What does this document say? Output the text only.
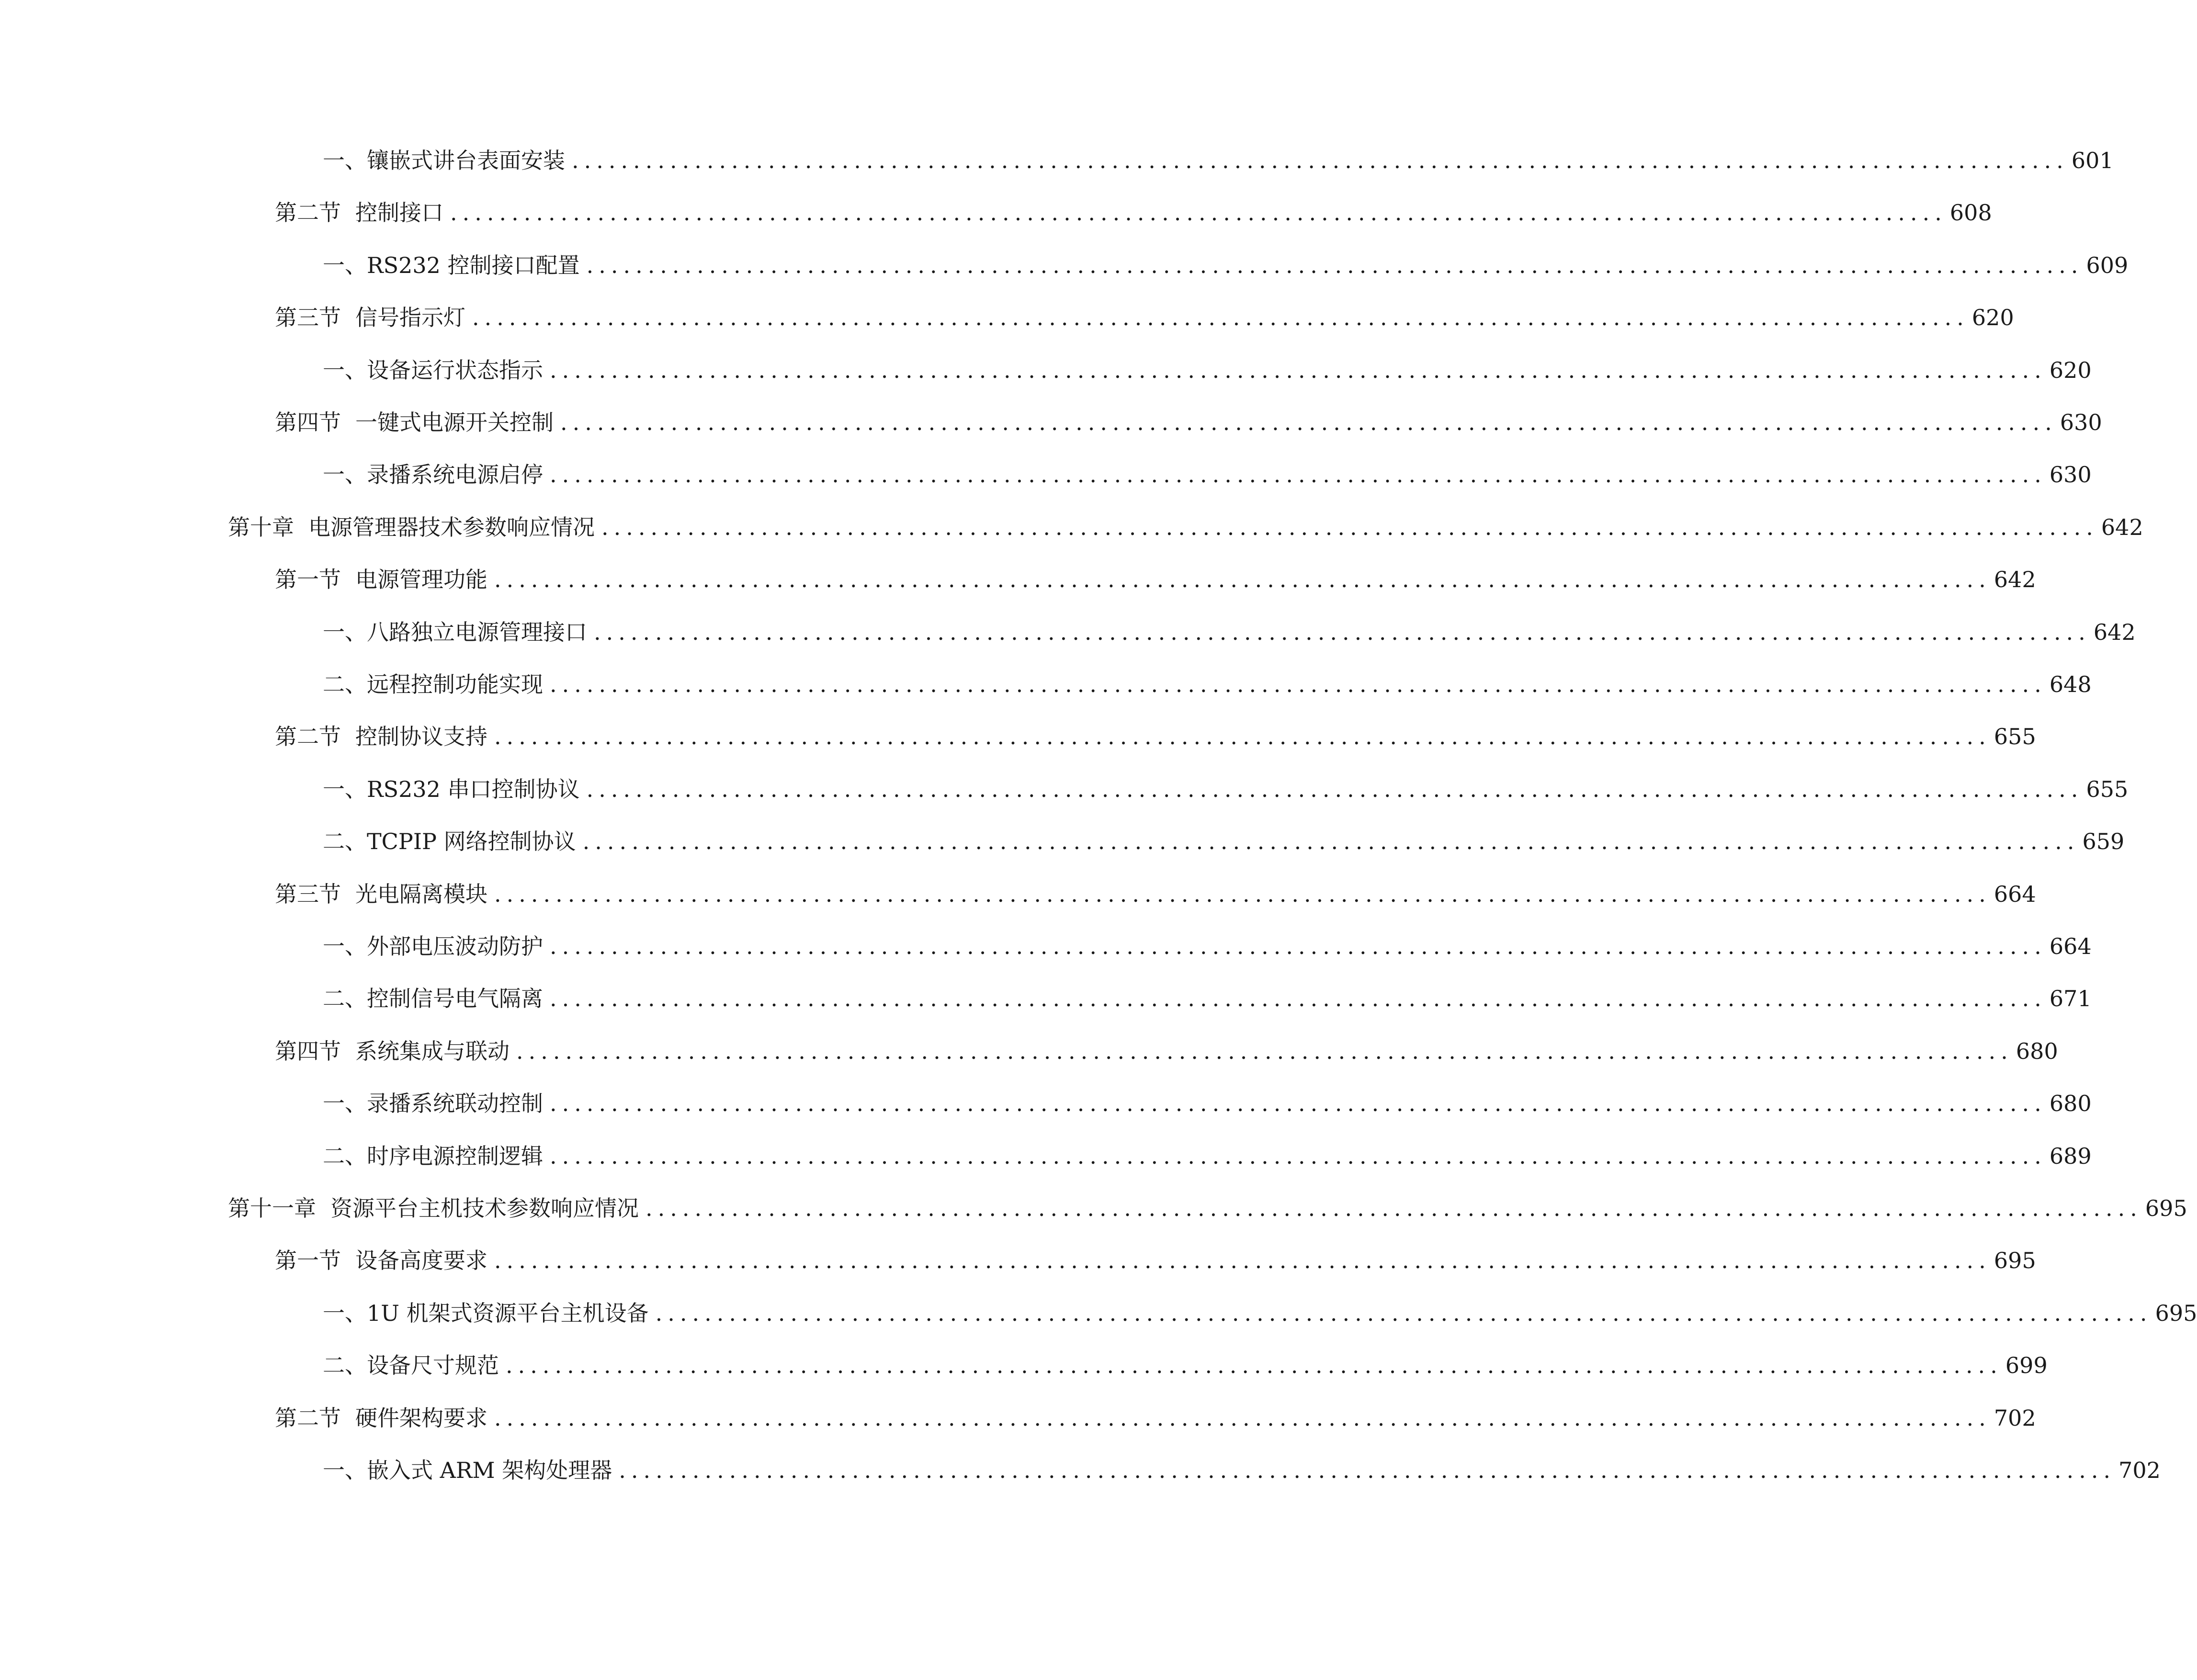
一、 镶嵌式讲台表面安装 .......................................................................................................................... 601
第二节 控制接口 .......................................................................................................................... 608
一、 RS232 控制接口配置 .......................................................................................................................... 609
第三节 信号指示灯 .......................................................................................................................... 620
一、 设备运行状态指示 .......................................................................................................................... 620
第四节 一键式电源开关控制 .......................................................................................................................... 630
一、 录播系统电源启停 .......................................................................................................................... 630
第十章 电源管理器技术参数响应情况 .......................................................................................................................... 642
第一节 电源管理功能 .......................................................................................................................... 642
一、 八路独立电源管理接口 .......................................................................................................................... 642
二、 远程控制功能实现 .......................................................................................................................... 648
第二节 控制协议支持 .......................................................................................................................... 655
一、 RS232 串口控制协议 .......................................................................................................................... 655
二、 TCPIP 网络控制协议 .......................................................................................................................... 659
第三节 光电隔离模块 .......................................................................................................................... 664
一、 外部电压波动防护 .......................................................................................................................... 664
二、 控制信号电气隔离 .......................................................................................................................... 671
第四节 系统集成与联动 .......................................................................................................................... 680
一、 录播系统联动控制 .......................................................................................................................... 680
二、 时序电源控制逻辑 .......................................................................................................................... 689
第十一章 资源平台主机技术参数响应情况 .......................................................................................................................... 695
第一节 设备高度要求 .......................................................................................................................... 695
一、 1U 机架式资源平台主机设备 .......................................................................................................................... 695
二、 设备尺寸规范 .......................................................................................................................... 699
第二节 硬件架构要求 .......................................................................................................................... 702
一、 嵌入式 ARM 架构处理器 .......................................................................................................................... 702
